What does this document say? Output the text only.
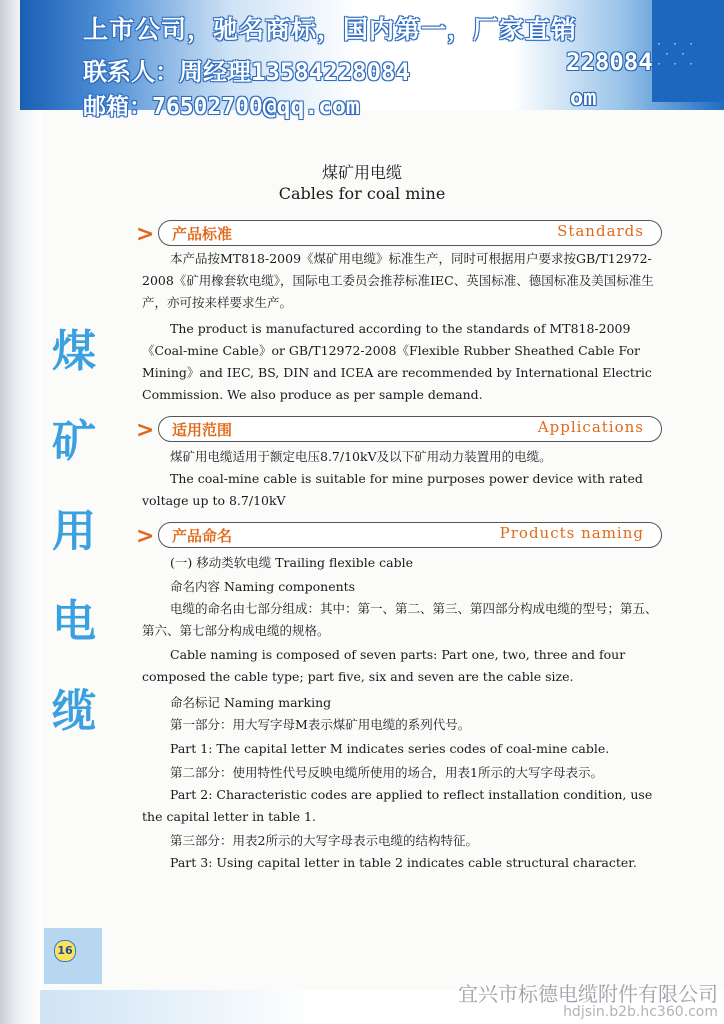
· · ·
· ·
· · ·
上市公司，驰名商标，国内第一，厂家直销
联系人：周经理13584228084
邮箱：76502700@qq.com
228084
om
煤
矿
用
电
缆
煤矿用电缆
Cables for coal mine
> 产品标准	Standards
本产品按MT818-2009《煤矿用电缆》标准生产，同时可根据用户要求按GB/T12972-2008《矿用橡套软电缆》，国际电工委员会推荐标准IEC、英国标准、德国标准及美国标准生产，亦可按来样要求生产。
The product is manufactured according to the standards of MT818-2009《Coal-mine Cable》or GB/T12972-2008《Flexible Rubber Sheathed Cable For Mining》and IEC, BS, DIN and ICEA are recommended by International Electric Commission. We also produce as per sample demand.
> 适用范围	Applications
煤矿用电缆适用于额定电压8.7/10kV及以下矿用动力装置用的电缆。
The coal-mine cable is suitable for mine purposes power device with rated voltage up to 8.7/10kV
> 产品命名	Products naming
(一) 移动类软电缆 Trailing flexible cable
命名内容 Naming components
电缆的命名由七部分组成：其中：第一、第二、第三、第四部分构成电缆的型号；第五、第六、第七部分构成电缆的规格。
Cable naming is composed of seven parts: Part one, two, three and four composed the cable type; part five, six and seven are the cable size.
命名标记 Naming marking
第一部分：用大写字母M表示煤矿用电缆的系列代号。
Part 1: The capital letter M indicates series codes of coal-mine cable.
第二部分：使用特性代号反映电缆所使用的场合，用表1所示的大写字母表示。
Part 2: Characteristic codes are applied to reflect installation condition, use the capital letter in table 1.
第三部分：用表2所示的大写字母表示电缆的结构特征。
Part 3: Using capital letter in table 2 indicates cable structural character.
16
宜兴市标德电缆附件有限公司
hdjsin.b2b.hc360.com
